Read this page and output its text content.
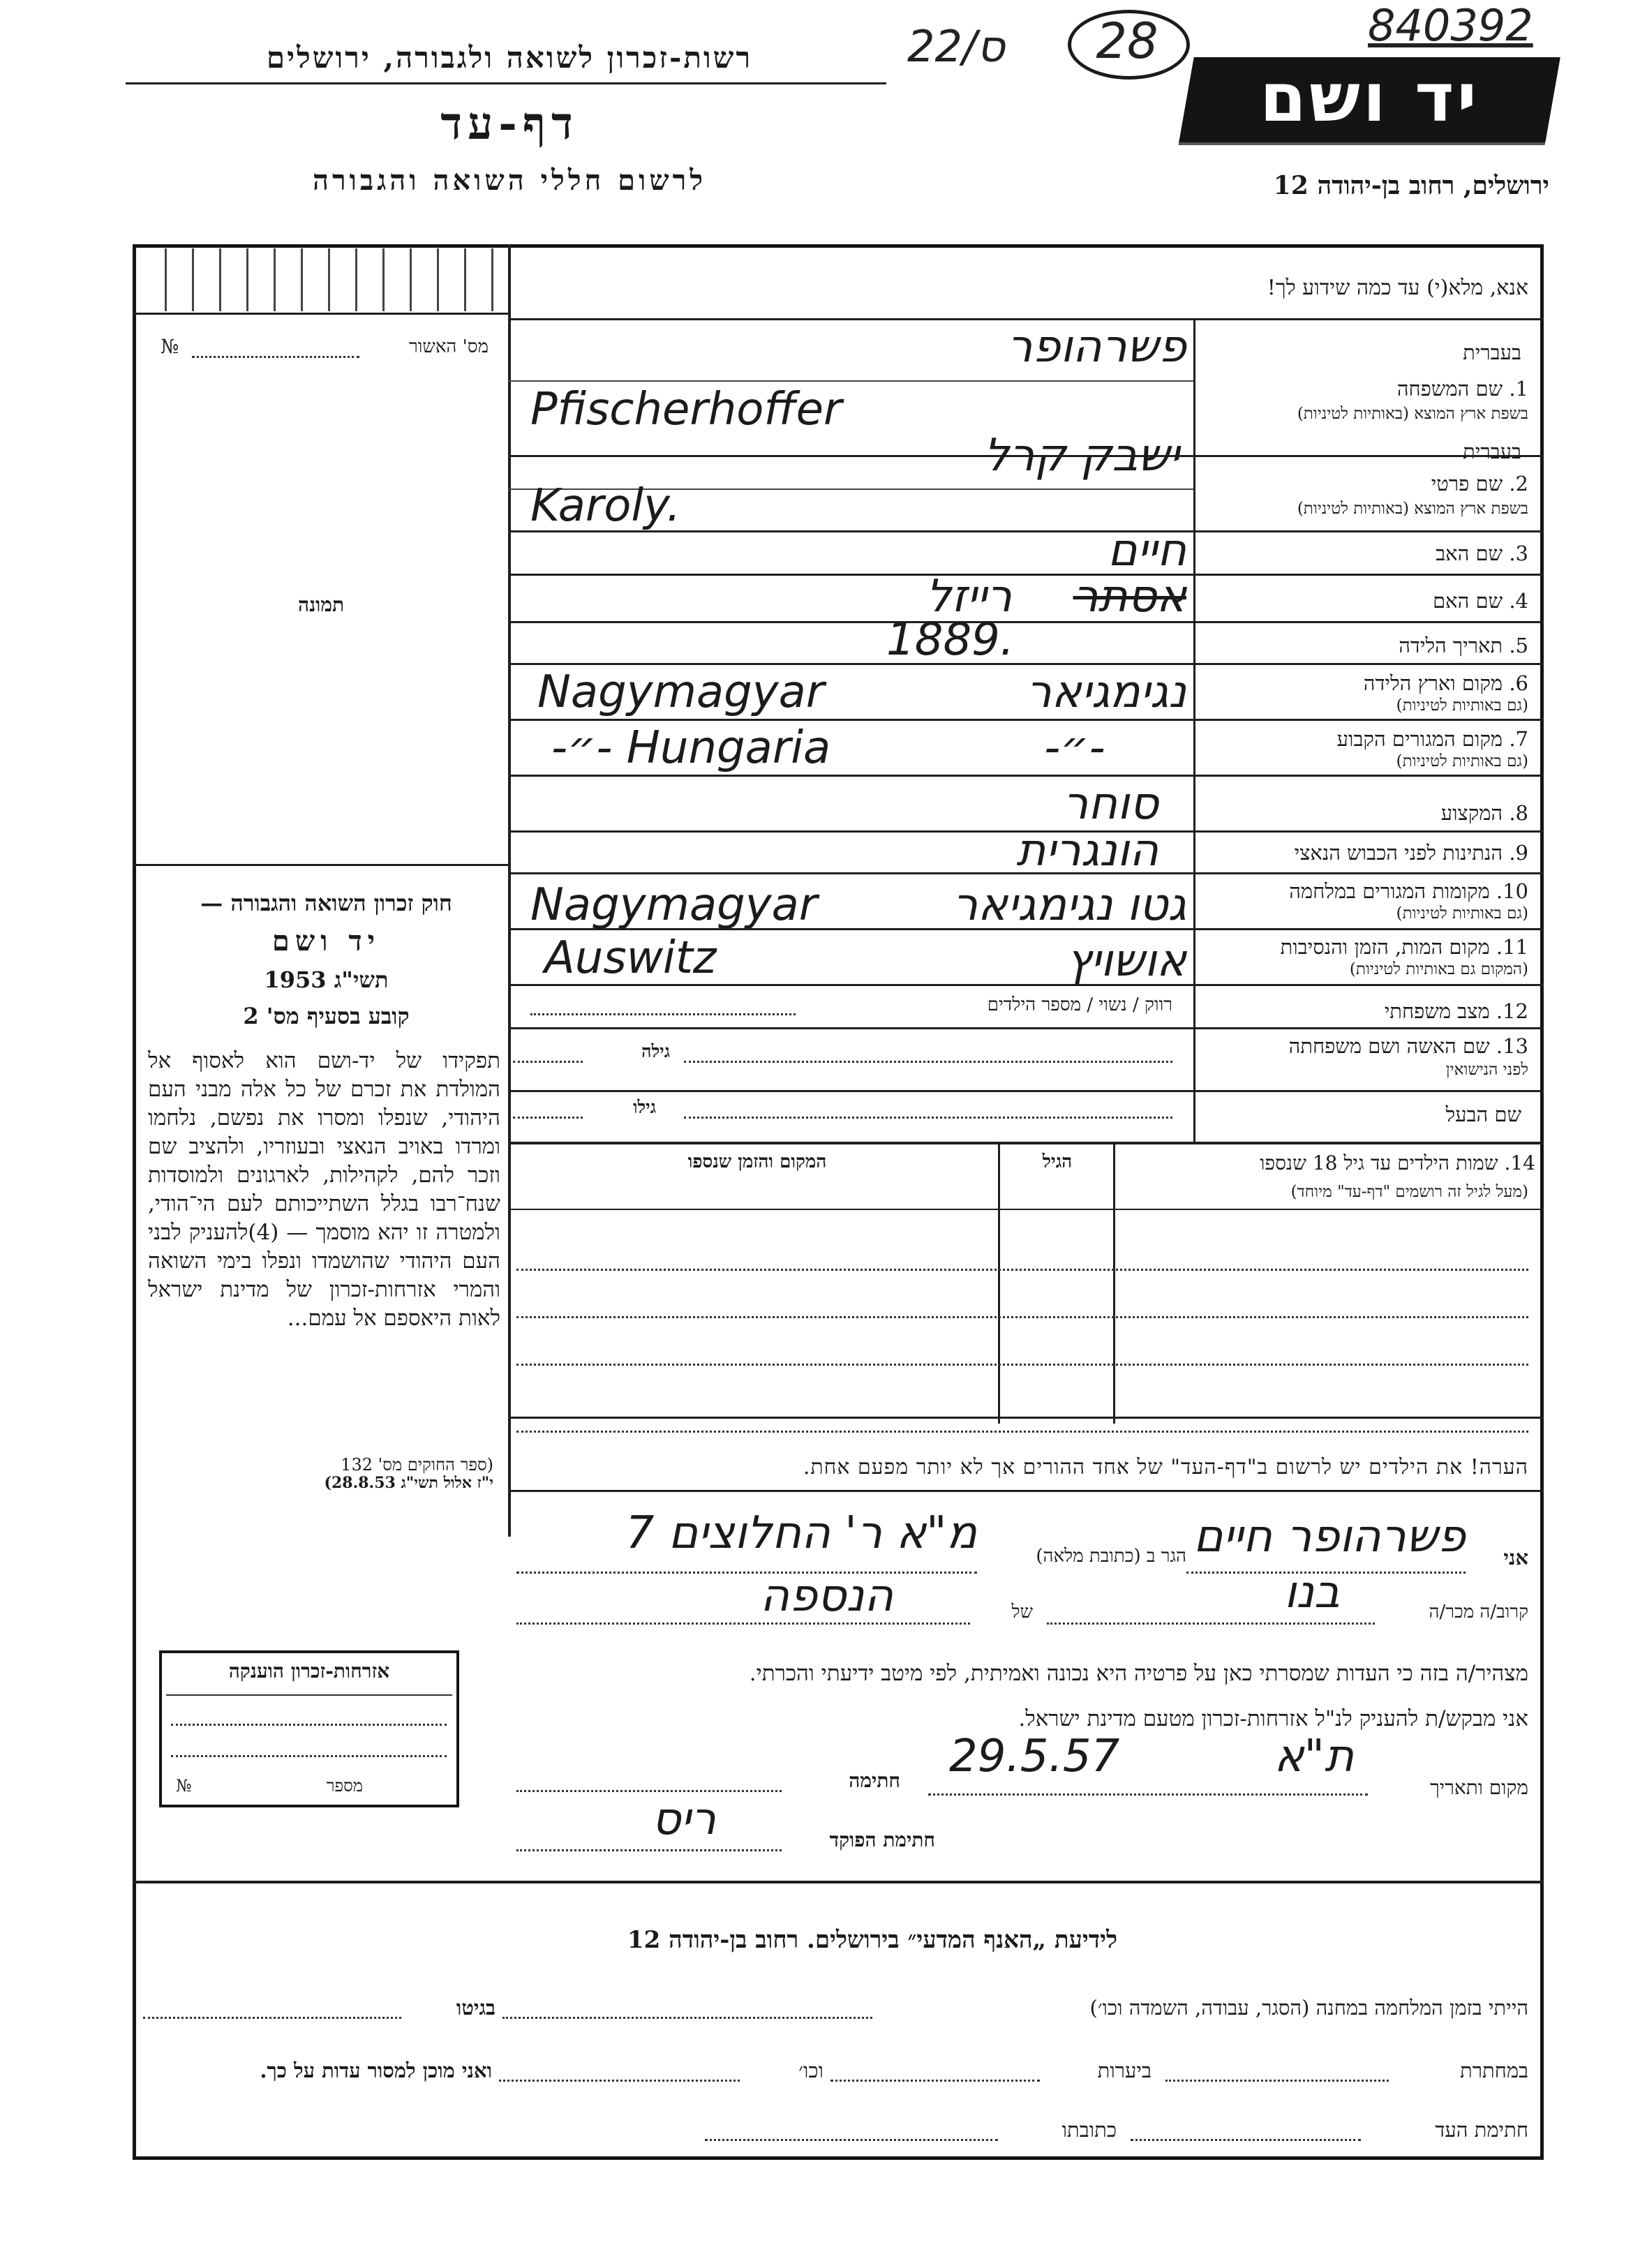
רשות-זכרון לשואה ולגבורה, ירושלים
דף-עד
לרשום חללי השואה והגבורה
22/ס 28	840392
יד ושם
ירושלים, רחוב בן-יהודה 12
אנא, מלא(י) עד כמה שידוע לך!
מס' האשור
№
תמונה
חוק זכרון השואה והגבורה —
יד ושם
תשי"ג 1953
קובע בסעיף מס' 2
תפקידו של יד-ושם הוא לאסוף אל המולדת את זכרם של כל אלה מבני העם היהודי, שנפלו ומסרו את נפשם, נלחמו ומרדו באויב הנאצי ובעוזריו, ולהציב שם וזכר להם, לקהילות, לארגונים ולמוסדות שנח־רבו בגלל השתייכותם לעם הי־הודי, ולמטרה זו יהא מוסמך — (4)להעניק לבני העם היהודי שהושמדו ונפלו בימי השואה והמרי אזרחות-זכרון של מדינת ישראל לאות היאספם אל עמם...
(ספר החוקים מס' 132
י"ז אלול תשי"ג 28.8.53)
בעברית
1. שם המשפחה
בשפת ארץ המוצא (באותיות לטיניות)
פשרהופר
Pfischerhoffer
בעברית
2. שם פרטי
בשפת ארץ המוצא (באותיות לטיניות)
ישבק קרל
Karoly.
3. שם האב
חיים
4. שם האם
אסתר
רייזל
5. תאריך הלידה
1889.
6. מקום וארץ הלידה
(גם באותיות לטיניות)
נגימגיאר
Nagymagyar
7. מקום המגורים הקבוע
(גם באותיות לטיניות)
-״-
-״- Hungaria
8. המקצוע
סוחר
9. הנתינות לפני הכבוש הנאצי
הונגרית
10. מקומות המגורים במלחמה
(גם באותיות לטיניות)
גטו נגימגיאר
Nagymagyar
11. מקום המות, הזמן והנסיבות
(המקום גם באותיות לטיניות)
אושויץ
Auswitz
12. מצב משפחתי
רווק / נשוי / מספר הילדים
13. שם האשה ושם משפחתה
לפני הנישואין
גילה
שם הבעל
גילו
14. שמות הילדים עד גיל 18 שנספו
(מעל לגיל זה רושמים "דף-עד" מיוחד)
הגיל
המקום והזמן שנספו
הערה! את הילדים יש לרשום ב"דף-העד" של אחד ההורים אך לא יותר מפעם אחת.
אני
פשרהופר חיים
הגר ב (כתובת מלאה)
מ"א ר' החלוצים 7
קרוב/ה מכר/ה
בנו
של
הנספה
מצהיר/ה בזה כי העדות שמסרתי כאן על פרטיה היא נכונה ואמיתית, לפי מיטב ידיעתי והכרתי.
אני מבקש/ת להעניק לנ"ל אזרחות-זכרון מטעם מדינת ישראל.
מקום ותאריך
ת"א
29.5.57
חתימה
חתימת הפוקד
ריס
אזרחות-זכרון הוענקה
מספר
№
לידיעת „האנף המדעי״ בירושלים. רחוב בן-יהודה 12
הייתי בזמן המלחמה במחנה (הסגר, עבודה, השמדה וכו׳)
בגיטו
במחתרת
ביערות
וכו׳
ואני מוכן למסור עדות על כך.
חתימת העד
כתובתו
